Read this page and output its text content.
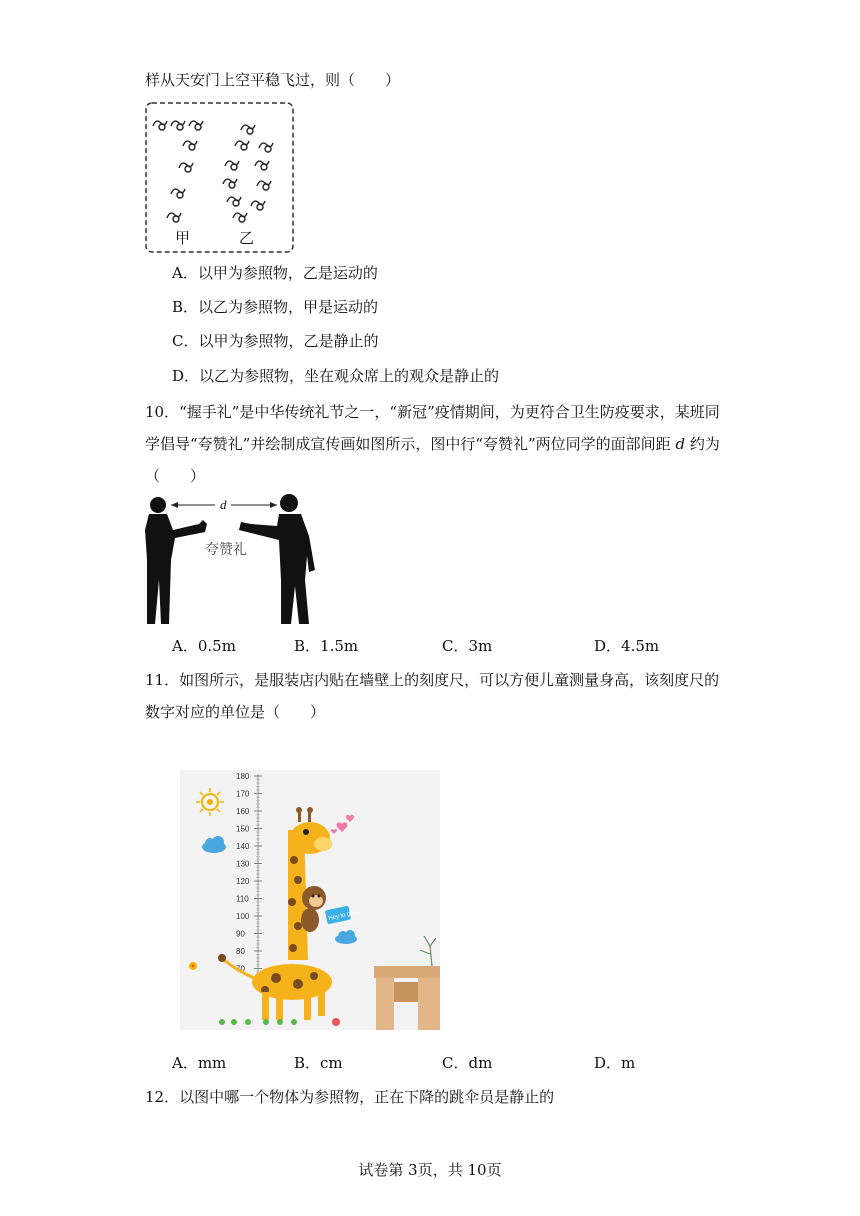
样从天安门上空平稳飞过，则（　　）
甲	乙
A．以甲为参照物，乙是运动的
B．以乙为参照物，甲是运动的
C．以甲为参照物，乙是静止的
D．以乙为参照物，坐在观众席上的观众是静止的
10．“握手礼”是中华传统礼节之一，“新冠”疫情期间，为更符合卫生防疫要求，某班同
学倡导“夸赞礼”并绘制成宣传画如图所示，图中行“夸赞礼”两位同学的面部间距 d 约为
（　　）
d
夸赞礼
A．0.5m	B．1.5m	C．3m	D．4.5m
11．如图所示，是服装店内贴在墙壁上的刻度尺，可以方便儿童测量身高，该刻度尺的
数字对应的单位是（　　）
180
170
160
150
140
130
120
110
100
90
80
70
Hey to grow
A．mm	B．cm	C．dm	D．m
12．以图中哪一个物体为参照物，正在下降的跳伞员是静止的
试卷第 3页，共 10页
